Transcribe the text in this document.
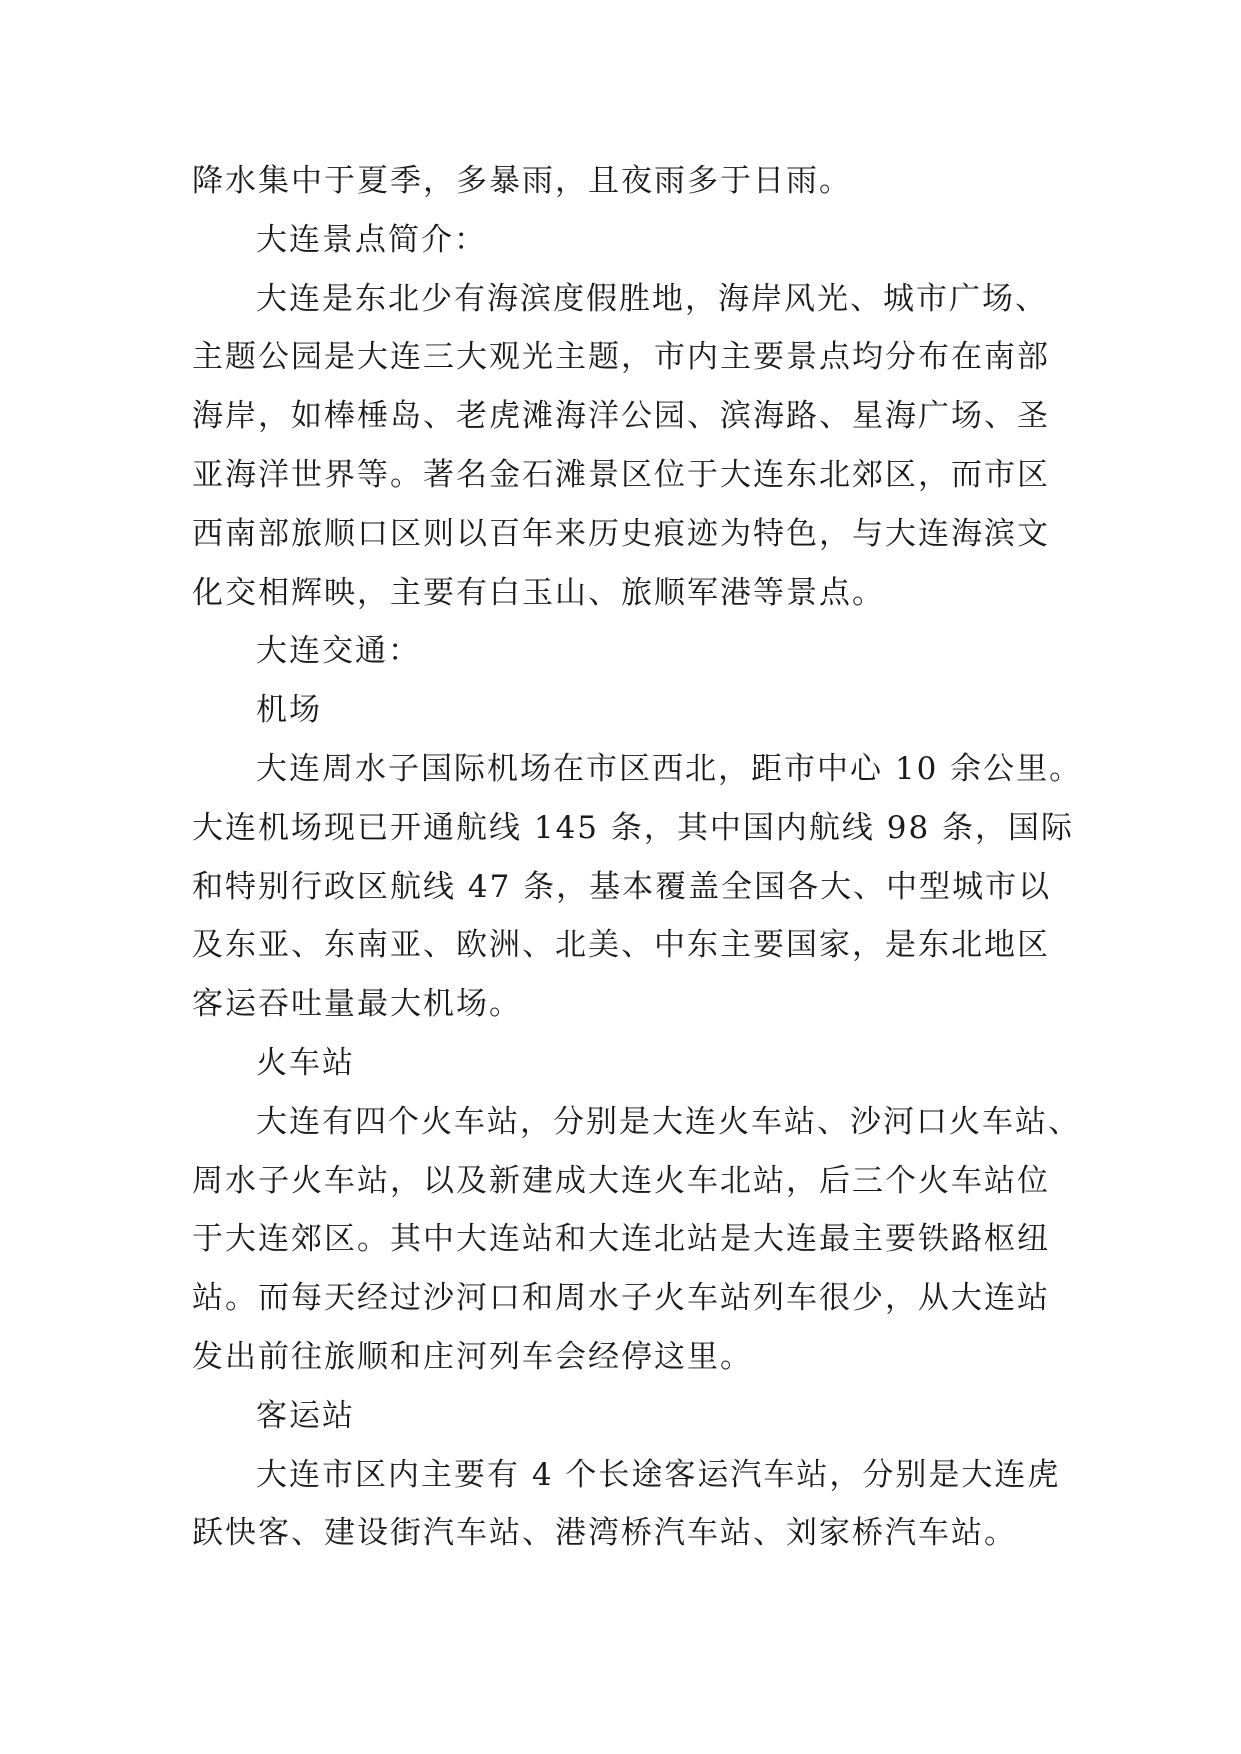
降水集中于夏季，多暴雨，且夜雨多于日雨。
大连景点简介：
大连是东北少有海滨度假胜地，海岸风光、城市广场、
主题公园是大连三大观光主题，市内主要景点均分布在南部
海岸，如棒棰岛、老虎滩海洋公园、滨海路、星海广场、圣
亚海洋世界等。著名金石滩景区位于大连东北郊区，而市区
西南部旅顺口区则以百年来历史痕迹为特色，与大连海滨文
化交相辉映，主要有白玉山、旅顺军港等景点。
大连交通：
机场
大连周水子国际机场在市区西北，距市中心 10 余公里。
大连机场现已开通航线 145 条，其中国内航线 98 条，国际
和特别行政区航线 47 条，基本覆盖全国各大、中型城市以
及东亚、东南亚、欧洲、北美、中东主要国家，是东北地区
客运吞吐量最大机场。
火车站
大连有四个火车站，分别是大连火车站、沙河口火车站、
周水子火车站，以及新建成大连火车北站，后三个火车站位
于大连郊区。其中大连站和大连北站是大连最主要铁路枢纽
站。而每天经过沙河口和周水子火车站列车很少，从大连站
发出前往旅顺和庄河列车会经停这里。
客运站
大连市区内主要有 4 个长途客运汽车站，分别是大连虎
跃快客、建设街汽车站、港湾桥汽车站、刘家桥汽车站。
